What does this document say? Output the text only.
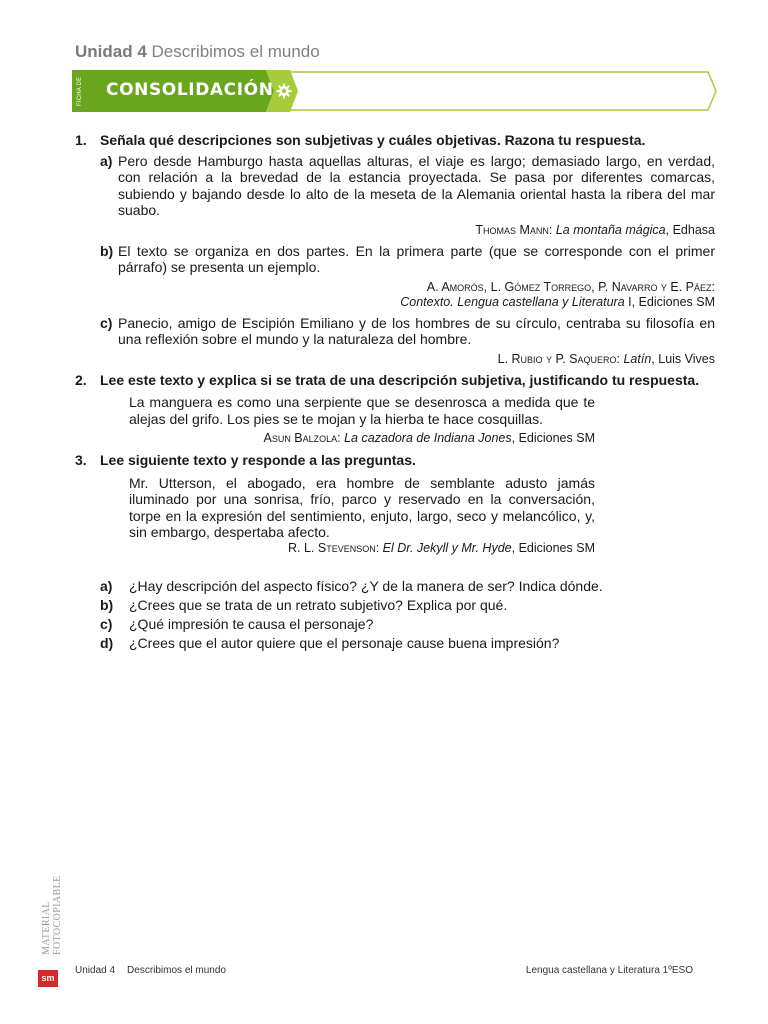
Unidad 4 Describimos el mundo
FICHA DE CONSOLIDACIÓN
1. Señala qué descripciones son subjetivas y cuáles objetivas. Razona tu respuesta.
a) Pero desde Hamburgo hasta aquellas alturas, el viaje es largo; demasiado largo, en verdad, con relación a la brevedad de la estancia proyectada. Se pasa por diferentes comarcas, subiendo y bajando desde lo alto de la meseta de la Alemania oriental hasta la ribera del mar suabo.
Thomas Mann: La montaña mágica, Edhasa
b) El texto se organiza en dos partes. En la primera parte (que se corresponde con el primer párrafo) se presenta un ejemplo.
A. Amorós, L. Gómez Torrego, P. Navarro y E. Páez:
Contexto. Lengua castellana y Literatura I, Ediciones SM
c) Panecio, amigo de Escipión Emiliano y de los hombres de su círculo, centraba su filosofía en una reflexión sobre el mundo y la naturaleza del hombre.
L. Rubio y P. Saquero: Latín, Luis Vives
2. Lee este texto y explica si se trata de una descripción subjetiva, justificando tu respuesta.
La manguera es como una serpiente que se desenrosca a medida que te alejas del grifo. Los pies se te mojan y la hierba te hace cosquillas.
Asun Balzola: La cazadora de Indiana Jones, Ediciones SM
3. Lee siguiente texto y responde a las preguntas.
Mr. Utterson, el abogado, era hombre de semblante adusto jamás iluminado por una sonrisa, frío, parco y reservado en la conversación, torpe en la expresión del sentimiento, enjuto, largo, seco y melancólico, y, sin embargo, despertaba afecto.
R. L. Stevenson: El Dr. Jekyll y Mr. Hyde, Ediciones SM
a)	¿Hay descripción del aspecto físico? ¿Y de la manera de ser? Indica dónde.
b)	¿Crees que se trata de un retrato subjetivo? Explica por qué.
c)	¿Qué impresión te causa el personaje?
d)	¿Crees que el autor quiere que el personaje cause buena impresión?
MATERIAL FOTOCOPIABLE
sm
Unidad 4 Describimos el mundo	Lengua castellana y Literatura 1ºESO
